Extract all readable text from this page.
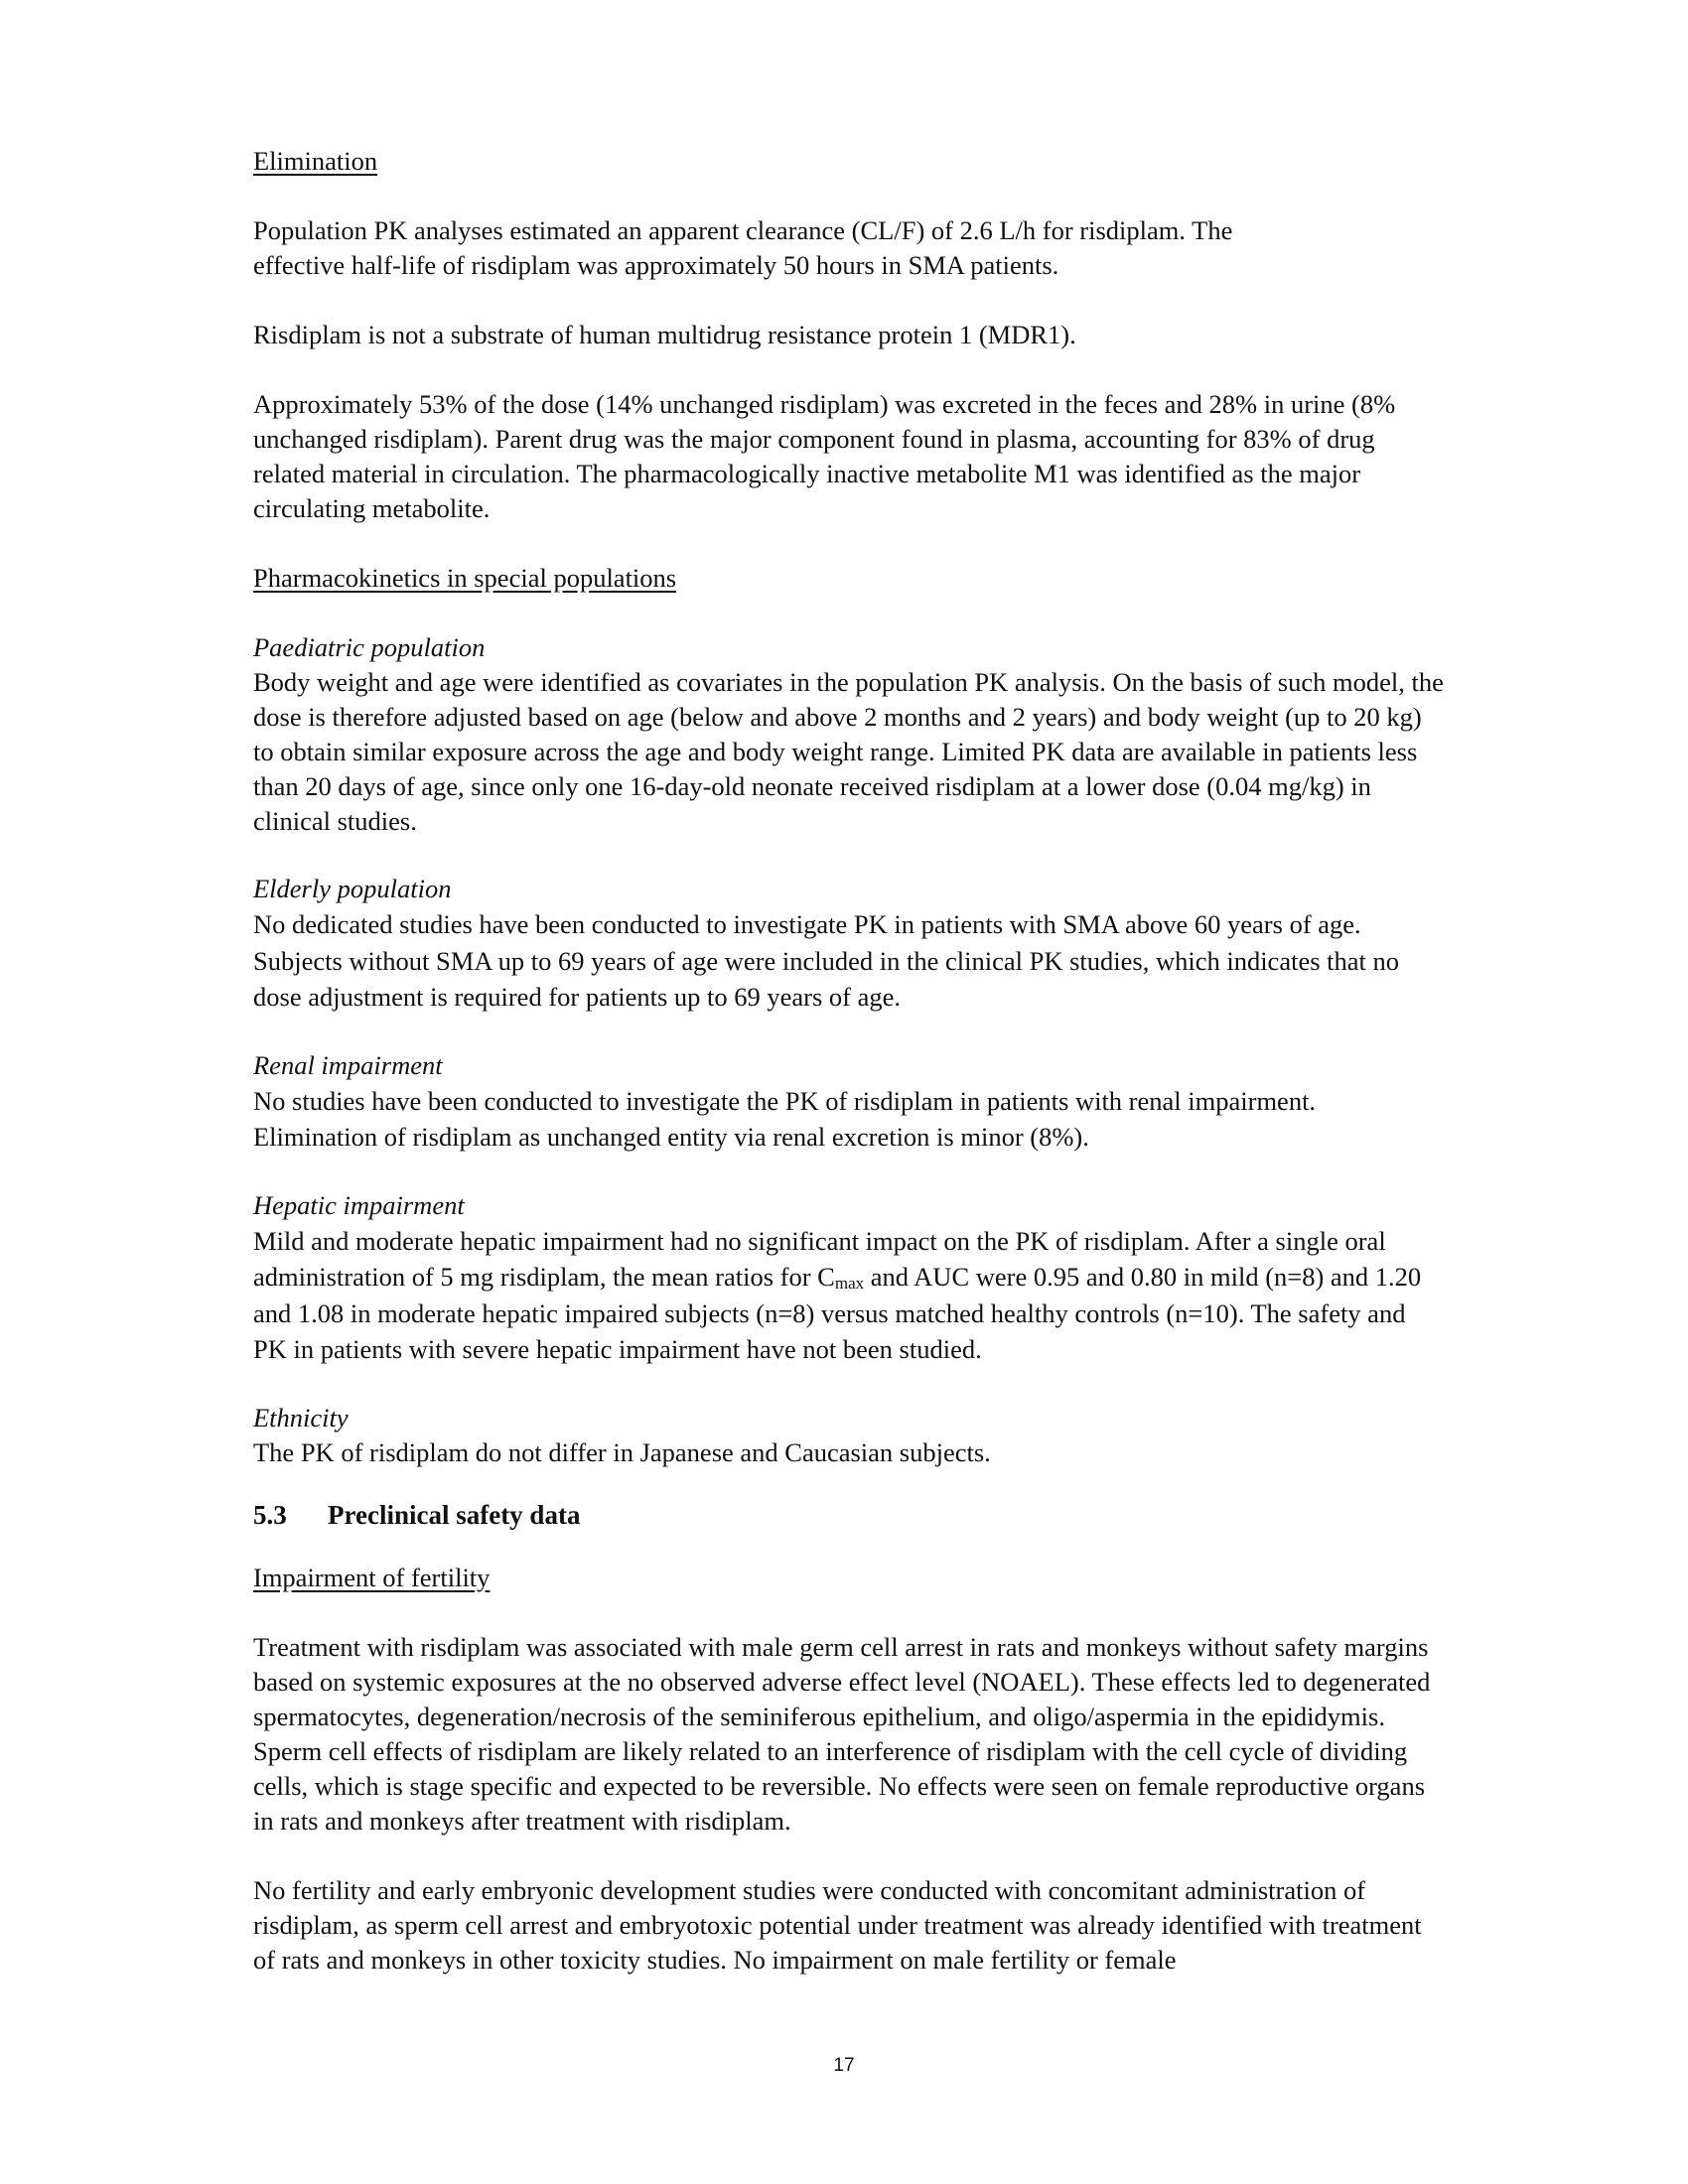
Elimination

Population PK analyses estimated an apparent clearance (CL/F) of 2.6 L/h for risdiplam. The effective half-life of risdiplam was approximately 50 hours in SMA patients.

Risdiplam is not a substrate of human multidrug resistance protein 1 (MDR1).

Approximately 53% of the dose (14% unchanged risdiplam) was excreted in the feces and 28% in urine (8% unchanged risdiplam). Parent drug was the major component found in plasma, accounting for 83% of drug related material in circulation. The pharmacologically inactive metabolite M1 was identified as the major circulating metabolite.

Pharmacokinetics in special populations

Paediatric population

Body weight and age were identified as covariates in the population PK analysis. On the basis of such model, the dose is therefore adjusted based on age (below and above 2 months and 2 years) and body weight (up to 20 kg) to obtain similar exposure across the age and body weight range. Limited PK data are available in patients less than 20 days of age, since only one 16-day-old neonate received risdiplam at a lower dose (0.04 mg/kg) in clinical studies.

Elderly population

No dedicated studies have been conducted to investigate PK in patients with SMA above 60 years of age. Subjects without SMA up to 69 years of age were included in the clinical PK studies, which indicates that no dose adjustment is required for patients up to 69 years of age.

Renal impairment

No studies have been conducted to investigate the PK of risdiplam in patients with renal impairment. Elimination of risdiplam as unchanged entity via renal excretion is minor (8%).

Hepatic impairment

Mild and moderate hepatic impairment had no significant impact on the PK of risdiplam. After a single oral administration of 5 mg risdiplam, the mean ratios for $C_{max}$ and AUC were 0.95 and 0.80 in mild (n=8) and 1.20 and 1.08 in moderate hepatic impaired subjects (n=8) versus matched healthy controls (n=10). The safety and PK in patients with severe hepatic impairment have not been studied.

Ethnicity

The PK of risdiplam do not differ in Japanese and Caucasian subjects.

5.3 Preclinical safety data

Impairment of fertility

Treatment with risdiplam was associated with male germ cell arrest in rats and monkeys without safety margins based on systemic exposures at the no observed adverse effect level (NOAEL). These effects led to degenerated spermatocytes, degeneration/necrosis of the seminiferous epithelium, and oligo/aspermia in the epididymis. Sperm cell effects of risdiplam are likely related to an interference of risdiplam with the cell cycle of dividing cells, which is stage specific and expected to be reversible. No effects were seen on female reproductive organs in rats and monkeys after treatment with risdiplam.

No fertility and early embryonic development studies were conducted with concomitant administration of risdiplam, as sperm cell arrest and embryotoxic potential under treatment was already identified with treatment of rats and monkeys in other toxicity studies. No impairment on male fertility or female

17
